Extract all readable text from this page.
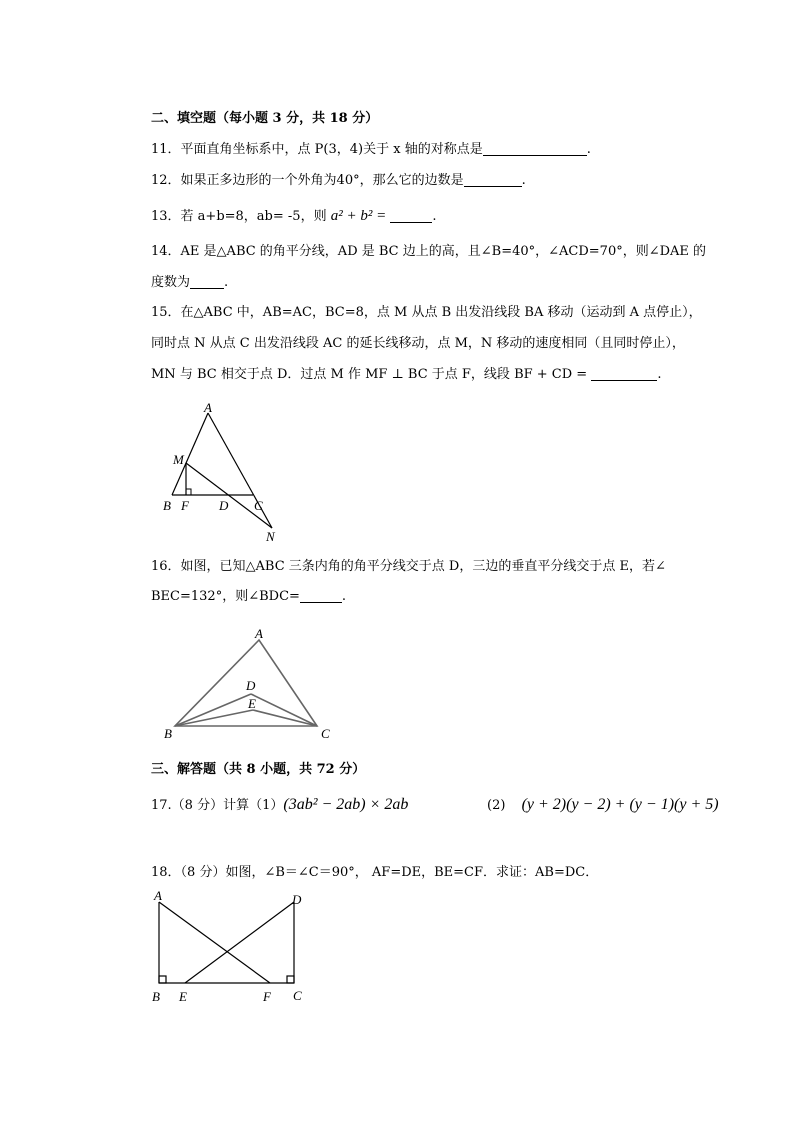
二、填空题（每小题 3 分，共 18 分）
11．平面直角坐标系中，点 P(3，4)关于 x 轴的对称点是	.
12．如果正多边形的一个外角为40°，那么它的边数是	.
13．若 a+b=8，ab= -5，则 a² + b² =	.
14．AE 是△ABC 的角平分线，AD 是 BC 边上的高，且∠B=40°，∠ACD=70°，则∠DAE 的
度数为	.
15．在△ABC 中，AB=AC，BC=8，点 M 从点 B 出发沿线段 BA 移动（运动到 A 点停止），
同时点 N 从点 C 出发沿线段 AC 的延长线移动，点 M，N 移动的速度相同（且同时停止），
MN 与 BC 相交于点 D．过点 M 作 MF ⊥ BC 于点 F，线段 BF + CD =	.
A
M
B F D C
N
16．如图，已知△ABC 三条内角的角平分线交于点 D，三边的垂直平分线交于点 E，若∠
BEC=132°，则∠BDC=	.
A
D
E
B	C
三、解答题（共 8 小题，共 72 分）
17.（8 分）计算（1）(3ab² − 2ab) × 2ab	(2) (y + 2)(y − 2) + (y − 1)(y + 5)
18．（8 分）如图，∠B＝∠C＝90°， AF=DE，BE=CF．求证：AB=DC．
A	D
B E	F C
